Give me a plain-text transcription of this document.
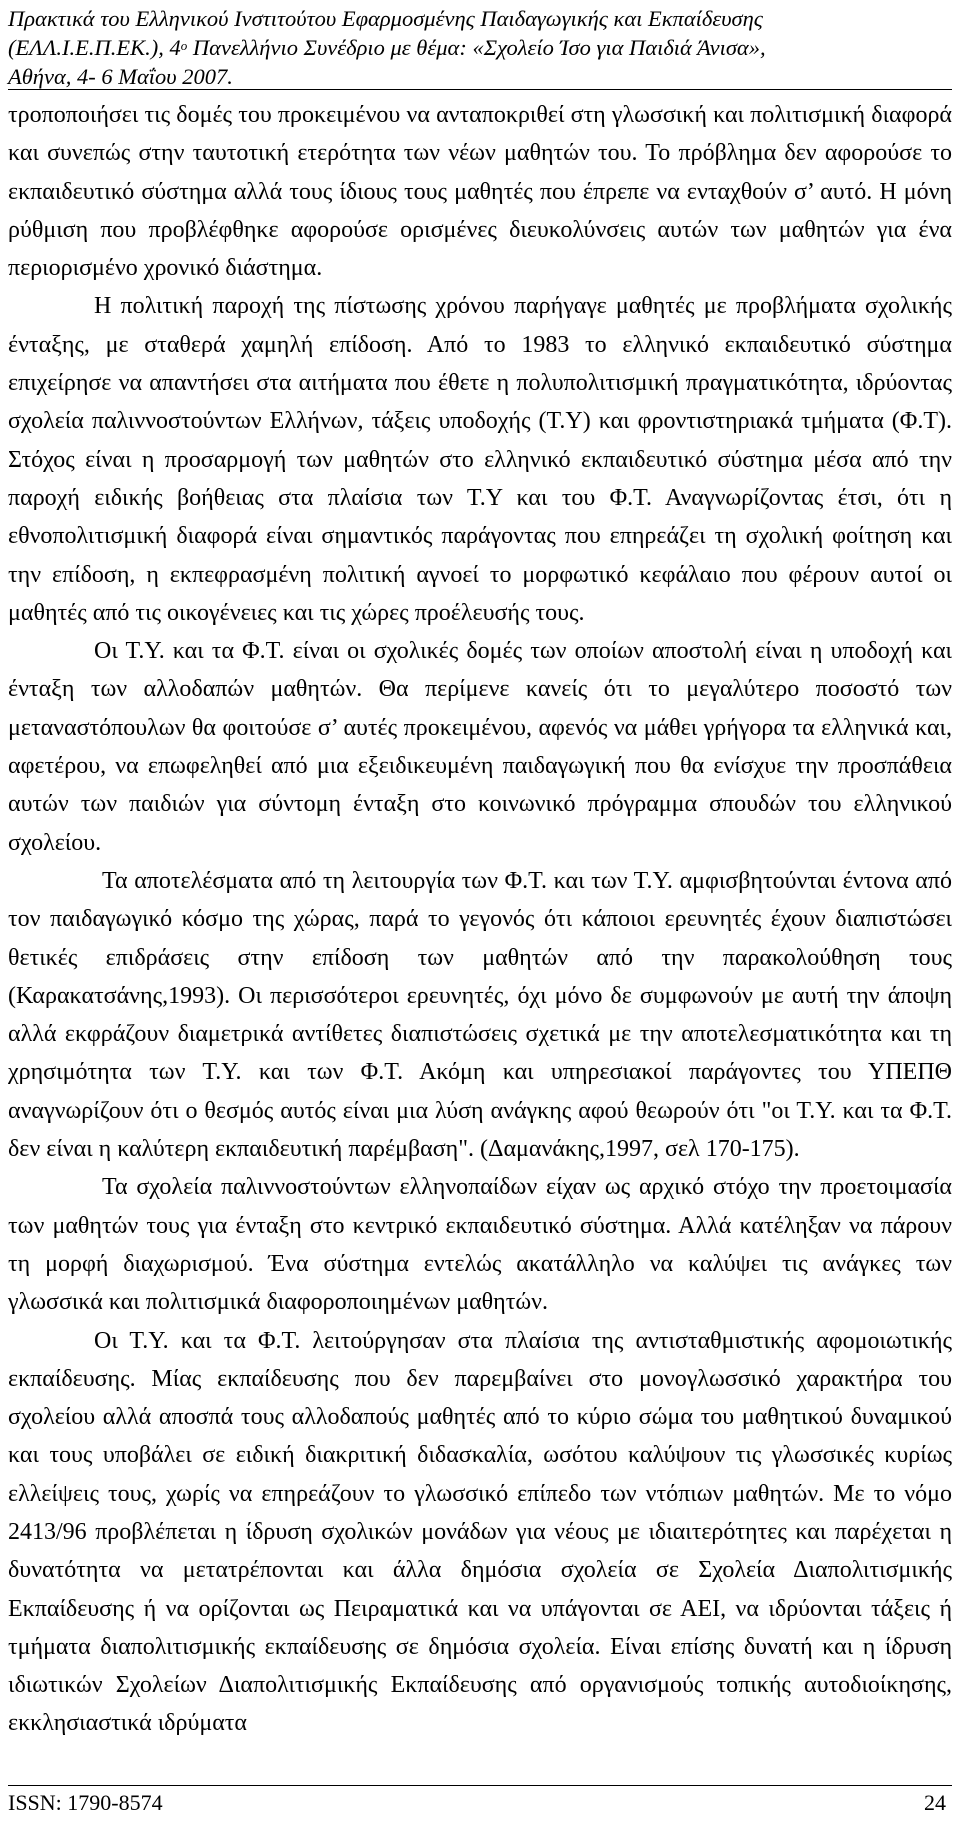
Πρακτικά του Ελληνικού Ινστιτούτου Εφαρμοσμένης Παιδαγωγικής και Εκπαίδευσης
(ΕΛΛ.Ι.Ε.Π.ΕΚ.), $4^o$ Πανελλήνιο Συνέδριο με θέμα: «Σχολείο Ίσο για Παιδιά Άνισα»,
Αθήνα, 4- 6 Μαΐου 2007.

τροποποιήσει τις δομές του προκειμένου να ανταποκριθεί στη γλωσσική και πολιτισμική διαφορά και συνεπώς στην ταυτοτική ετερότητα των νέων μαθητών του. Το πρόβλημα δεν αφορούσε το εκπαιδευτικό σύστημα αλλά τους ίδιους τους μαθητές που έπρεπε να ενταχθούν σ’ αυτό. Η μόνη ρύθμιση που προβλέφθηκε αφορούσε ορισμένες διευκολύνσεις αυτών των μαθητών για ένα περιορισμένο χρονικό διάστημα.

Η πολιτική παροχή της πίστωσης χρόνου παρήγαγε μαθητές με προβλήματα σχολικής ένταξης, με σταθερά χαμηλή επίδοση. Από το 1983 το ελληνικό εκπαιδευτικό σύστημα επιχείρησε να απαντήσει στα αιτήματα που έθετε η πολυπολιτισμική πραγματικότητα, ιδρύοντας σχολεία παλιννοστούντων Ελλήνων, τάξεις υποδοχής (Τ.Υ) και φροντιστηριακά τμήματα (Φ.Τ). Στόχος είναι η προσαρμογή των μαθητών στο ελληνικό εκπαιδευτικό σύστημα μέσα από την παροχή ειδικής βοήθειας στα πλαίσια των Τ.Υ και του Φ.Τ. Αναγνωρίζοντας έτσι, ότι η εθνοπολιτισμική διαφορά είναι σημαντικός παράγοντας που επηρεάζει τη σχολική φοίτηση και την επίδοση, η εκπεφρασμένη πολιτική αγνοεί το μορφωτικό κεφάλαιο που φέρουν αυτοί οι μαθητές από τις οικογένειες και τις χώρες προέλευσής τους.

Οι Τ.Υ. και τα Φ.Τ. είναι οι σχολικές δομές των οποίων αποστολή είναι η υποδοχή και ένταξη των αλλοδαπών μαθητών. Θα περίμενε κανείς ότι το μεγαλύτερο ποσοστό των μεταναστόπουλων θα φοιτούσε σ’ αυτές προκειμένου, αφενός να μάθει γρήγορα τα ελληνικά και, αφετέρου, να επωφεληθεί από μια εξειδικευμένη παιδαγωγική που θα ενίσχυε την προσπάθεια αυτών των παιδιών για σύντομη ένταξη στο κοινωνικό πρόγραμμα σπουδών του ελληνικού σχολείου.

Τα αποτελέσματα από τη λειτουργία των Φ.Τ. και των Τ.Υ. αμφισβητούνται έντονα από τον παιδαγωγικό κόσμο της χώρας, παρά το γεγονός ότι κάποιοι ερευνητές έχουν διαπιστώσει θετικές επιδράσεις στην επίδοση των μαθητών από την παρακολούθηση τους (Καρακατσάνης,1993). Οι περισσότεροι ερευνητές, όχι μόνο δε συμφωνούν με αυτή την άποψη αλλά εκφράζουν διαμετρικά αντίθετες διαπιστώσεις σχετικά με την αποτελεσματικότητα και τη χρησιμότητα των Τ.Υ. και των Φ.Τ. Ακόμη και υπηρεσιακοί παράγοντες του ΥΠΕΠΘ αναγνωρίζουν ότι ο θεσμός αυτός είναι μια λύση ανάγκης αφού θεωρούν ότι "οι Τ.Υ. και τα Φ.Τ. δεν είναι η καλύτερη εκπαιδευτική παρέμβαση". (Δαμανάκης,1997, σελ 170-175).

Τα σχολεία παλιννοστούντων ελληνοπαίδων είχαν ως αρχικό στόχο την προετοιμασία των μαθητών τους για ένταξη στο κεντρικό εκπαιδευτικό σύστημα. Αλλά κατέληξαν να πάρουν τη μορφή διαχωρισμού. Ένα σύστημα εντελώς ακατάλληλο να καλύψει τις ανάγκες των γλωσσικά και πολιτισμικά διαφοροποιημένων μαθητών.

Οι Τ.Υ. και τα Φ.Τ. λειτούργησαν στα πλαίσια της αντισταθμιστικής αφομοιωτικής εκπαίδευσης. Μίας εκπαίδευσης που δεν παρεμβαίνει στο μονογλωσσικό χαρακτήρα του σχολείου αλλά αποσπά τους αλλοδαπούς μαθητές από το κύριο σώμα του μαθητικού δυναμικού και τους υποβάλει σε ειδική διακριτική διδασκαλία, ωσότου καλύψουν τις γλωσσικές κυρίως ελλείψεις τους, χωρίς να επηρεάζουν το γλωσσικό επίπεδο των ντόπιων μαθητών. Με το νόμο 2413/96 προβλέπεται η ίδρυση σχολικών μονάδων για νέους με ιδιαιτερότητες και παρέχεται η δυνατότητα να μετατρέπονται και άλλα δημόσια σχολεία σε Σχολεία Διαπολιτισμικής Εκπαίδευσης ή να ορίζονται ως Πειραματικά και να υπάγονται σε ΑΕΙ, να ιδρύονται τάξεις ή τμήματα διαπολιτισμικής εκπαίδευσης σε δημόσια σχολεία. Είναι επίσης δυνατή και η ίδρυση ιδιωτικών Σχολείων Διαπολιτισμικής Εκπαίδευσης από οργανισμούς τοπικής αυτοδιοίκησης, εκκλησιαστικά ιδρύματα

ISSN: 1790-8574	24
